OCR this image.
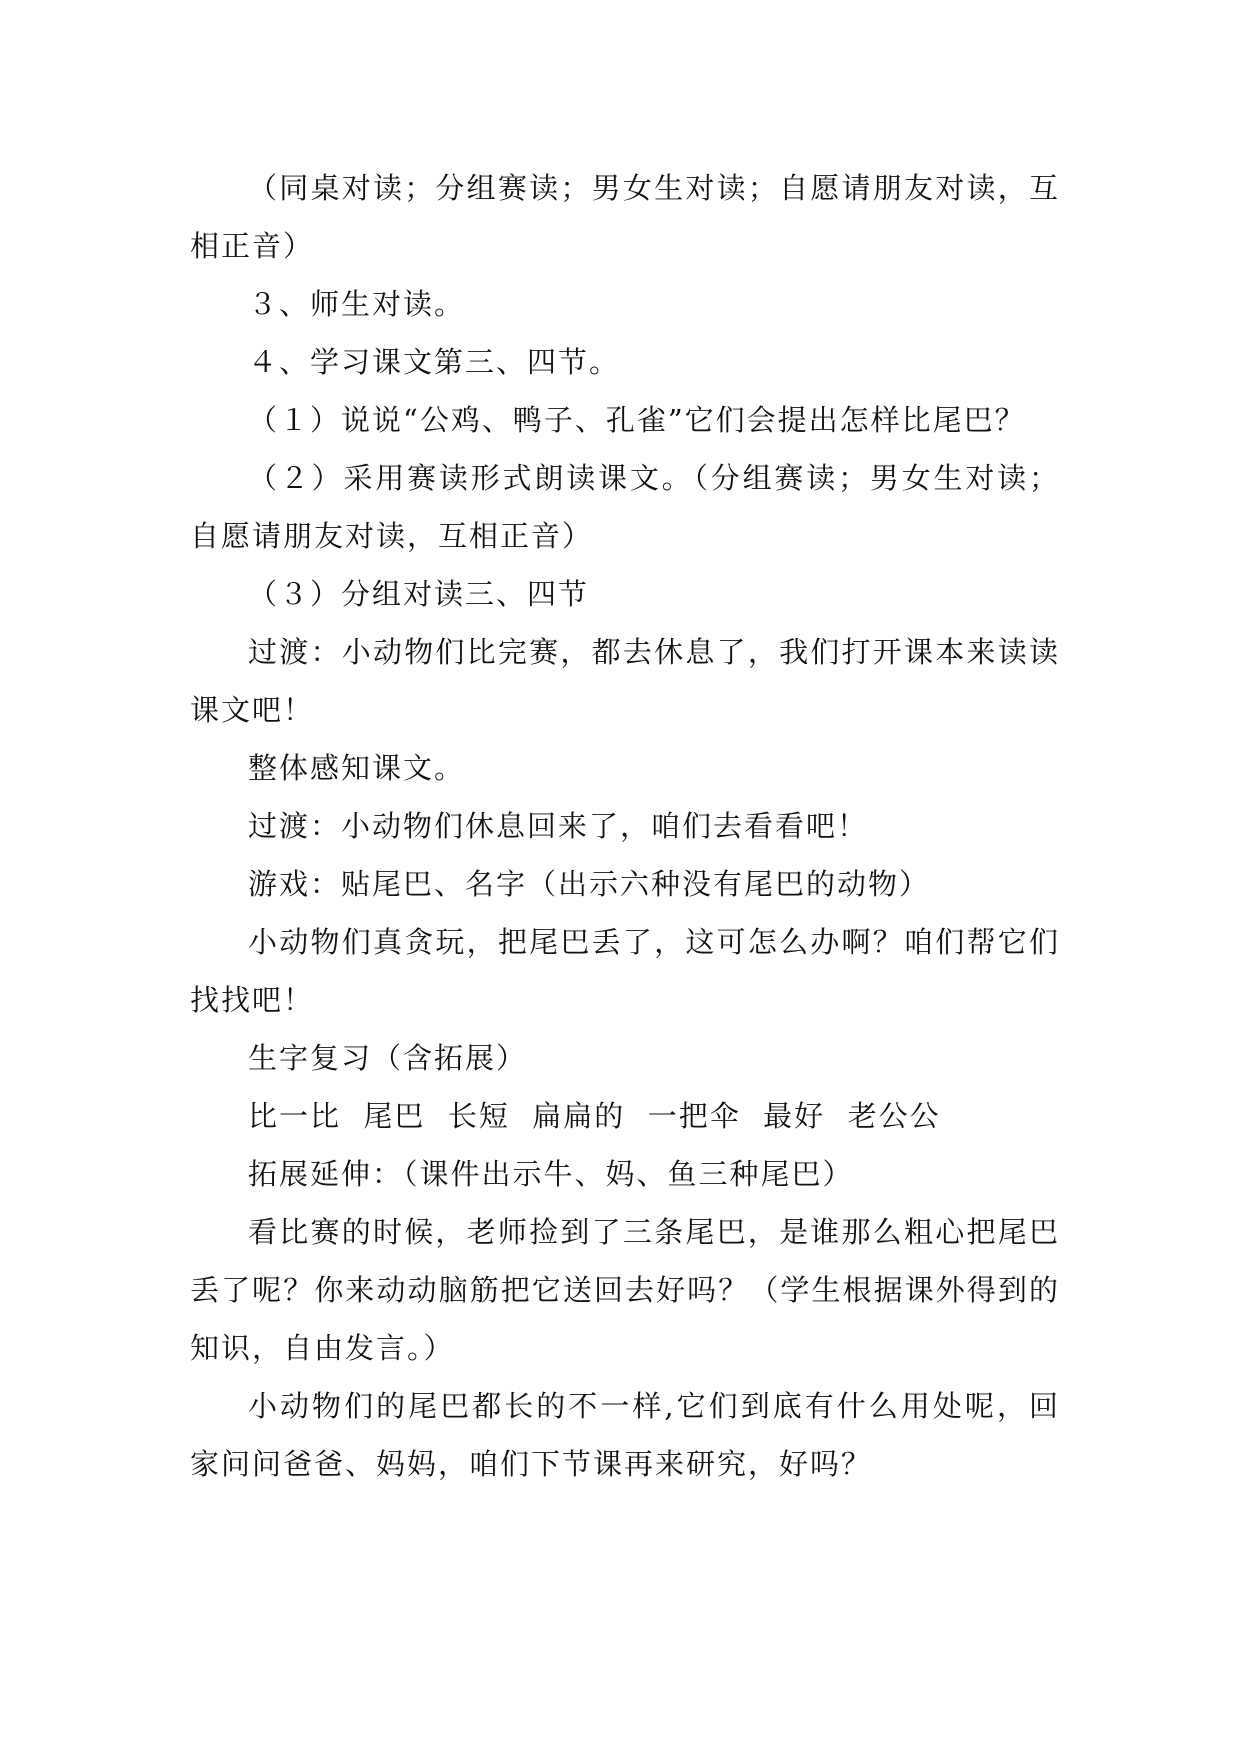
（同桌对读；分组赛读；男女生对读；自愿请朋友对读，互相正音）

３、师生对读。

４、学习课文第三、四节。

（１）说说“公鸡、鸭子、孔雀”它们会提出怎样比尾巴？

（２）采用赛读形式朗读课文。（分组赛读；男女生对读；自愿请朋友对读，互相正音）

（３）分组对读三、四节

过渡：小动物们比完赛，都去休息了，我们打开课本来读读课文吧！

整体感知课文。

过渡：小动物们休息回来了，咱们去看看吧！

游戏：贴尾巴、名字（出示六种没有尾巴的动物）

小动物们真贪玩，把尾巴丢了，这可怎么办啊？咱们帮它们找找吧！

生字复习（含拓展）

比一比  尾巴  长短  扁扁的  一把伞  最好  老公公

拓展延伸：（课件出示牛、妈、鱼三种尾巴）

看比赛的时候，老师捡到了三条尾巴，是谁那么粗心把尾巴丢了呢？你来动动脑筋把它送回去好吗？（学生根据课外得到的知识，自由发言。）

小动物们的尾巴都长的不一样,它们到底有什么用处呢，回家问问爸爸、妈妈，咱们下节课再来研究，好吗？
